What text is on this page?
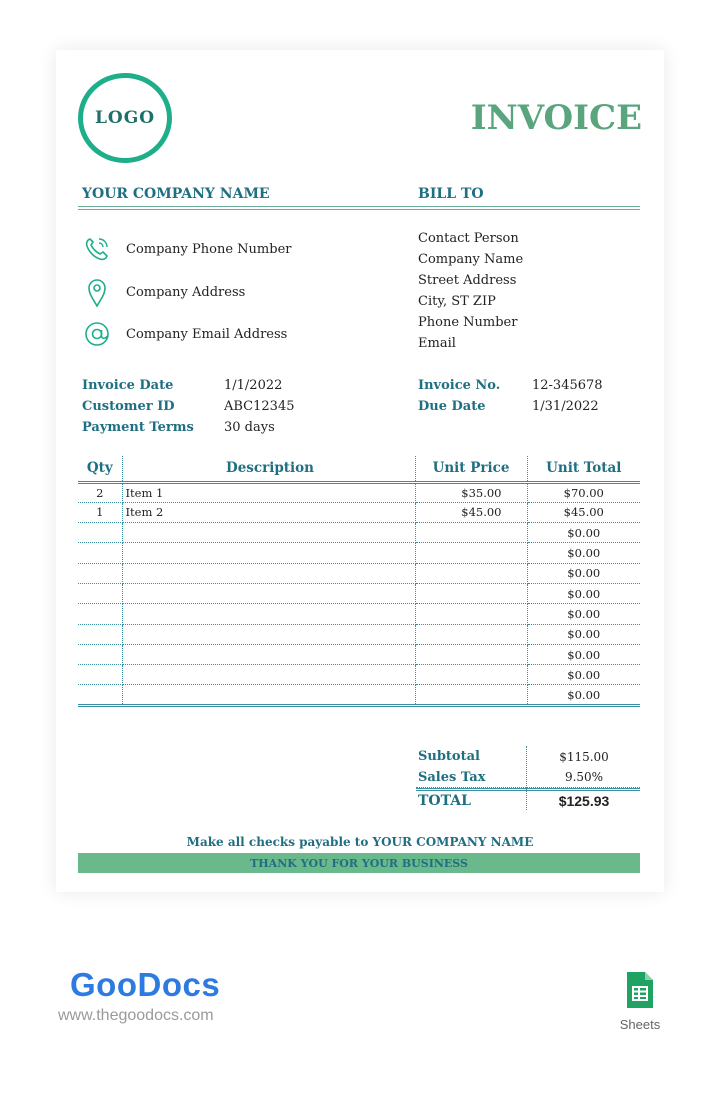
LOGO	INVOICE
YOUR COMPANY NAME	BILL TO
Company Phone Number
Company Address
Company Email Address
Contact Person
Company Name
Street Address
City, ST ZIP
Phone Number
Email
Invoice Date	1/1/2022
Customer ID	ABC12345
Payment Terms 30 days
Invoice No. 12-345678
Due Date	1/31/2022
Qty	Description	Unit Price	Unit Total
2	Item 1	$35.00	$70.00
1	Item 2	$45.00	$45.00
			$0.00
			$0.00
			$0.00
			$0.00
			$0.00
			$0.00
			$0.00
			$0.00
			$0.00
Subtotal	$115.00
Sales Tax	9.50%
TOTAL	$125.93
Make all checks payable to YOUR COMPANY NAME
THANK YOU FOR YOUR BUSINESS
GooDocs
www.thegoodocs.com
Sheets
